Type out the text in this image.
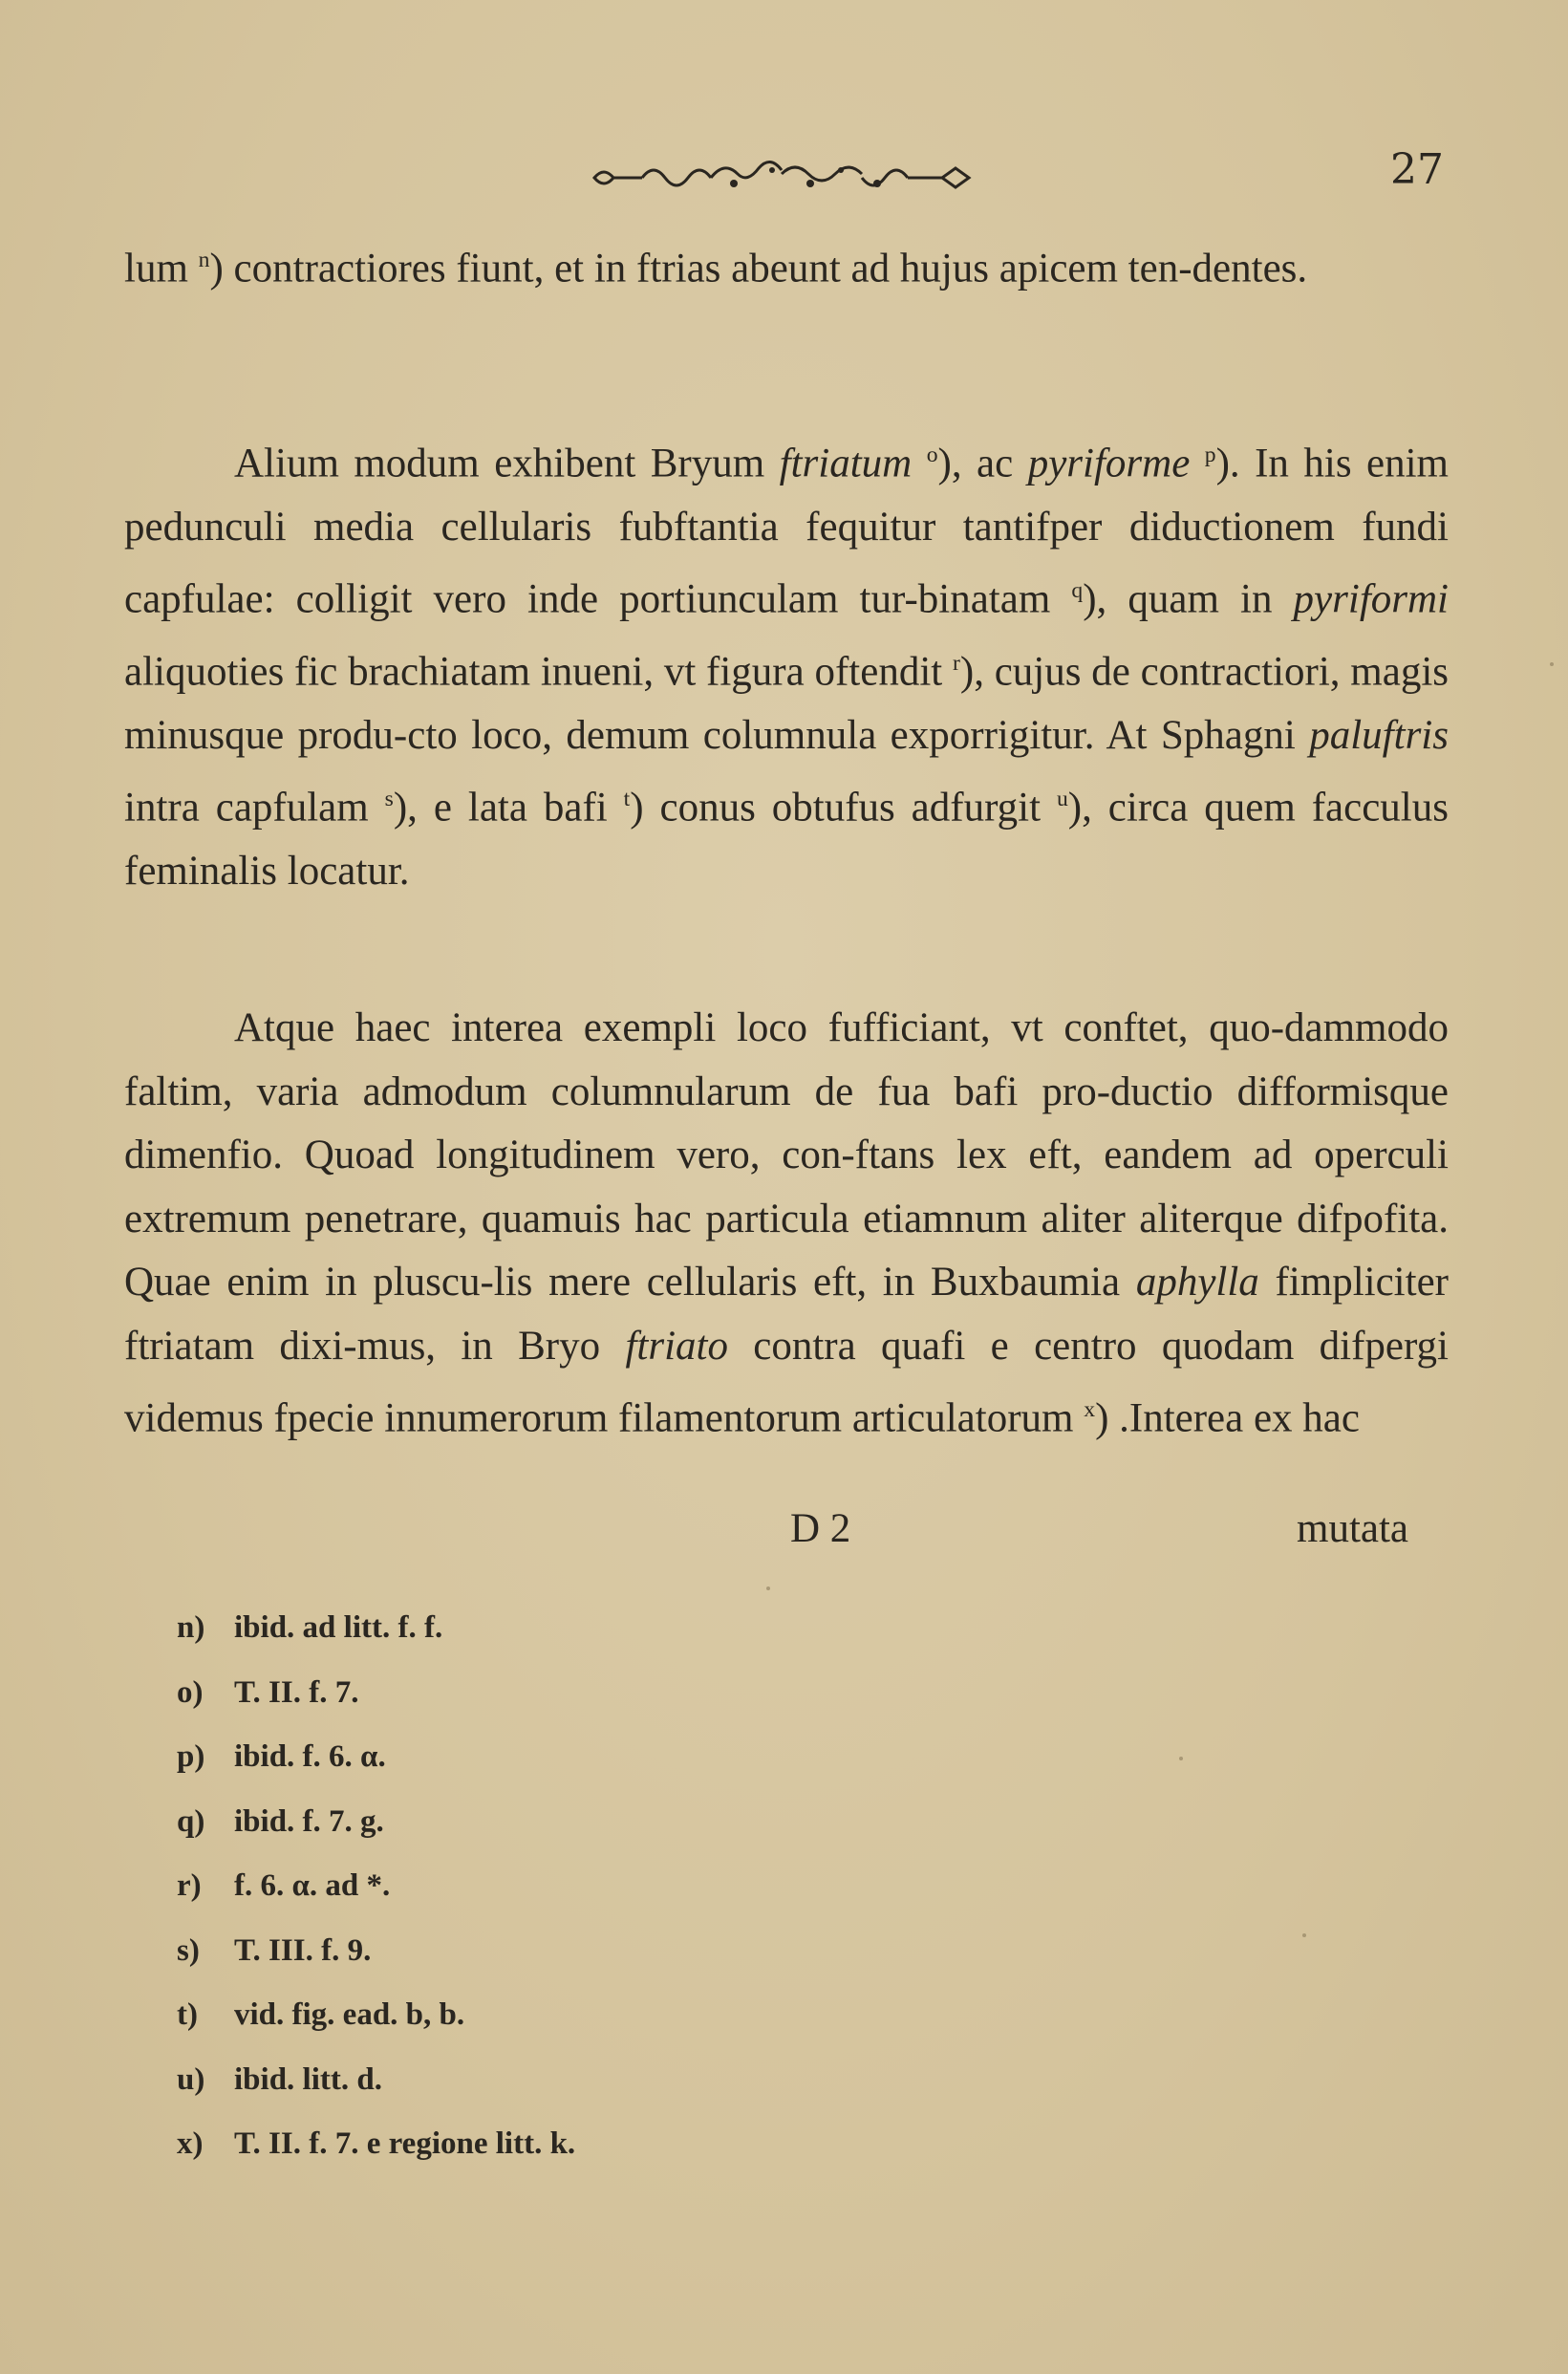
27

lum $^n$) contractiores fiunt, et in ftrias abeunt ad hujus apicem ten-dentes.

Alium modum exhibent Bryum ftriatum $^o$), ac pyriforme $^p$). In his enim pedunculi media cellularis fubftantia fequitur tantifper diductionem fundi capfulae: colligit vero inde portiunculam tur-binatam $^q$), quam in pyriformi aliquoties fic brachiatam inueni, vt figura oftendit $^r$), cujus de contractiori, magis minusque produ-cto loco, demum columnula exporrigitur. At Sphagni paluftris intra capfulam $^s$), e lata bafi $^t$) conus obtufus adfurgit $^u$), circa quem facculus feminalis locatur.

Atque haec interea exempli loco fufficiant, vt conftet, quo-dammodo faltim, varia admodum columnularum de fua bafi pro-ductio difformisque dimenfio. Quoad longitudinem vero, con-ftans lex eft, eandem ad operculi extremum penetrare, quamuis hac particula etiamnum aliter aliterque difpofita. Quae enim in pluscu-lis mere cellularis eft, in Buxbaumia aphylla fimpliciter ftriatam dixi-mus, in Bryo ftriato contra quafi e centro quodam difpergi videmus fpecie innumerorum filamentorum articulatorum $^x$) .Interea ex hac

D 2	mutata
n) ibid. ad litt. f. f.
o) T. II. f. 7.
p) ibid. f. 6. α.
q) ibid. f. 7. g.
r) f. 6. α. ad *.
s) T. III. f. 9.
t) vid. fig. ead. b, b.
u) ibid. litt. d.
x) T. II. f. 7. e regione litt. k.
